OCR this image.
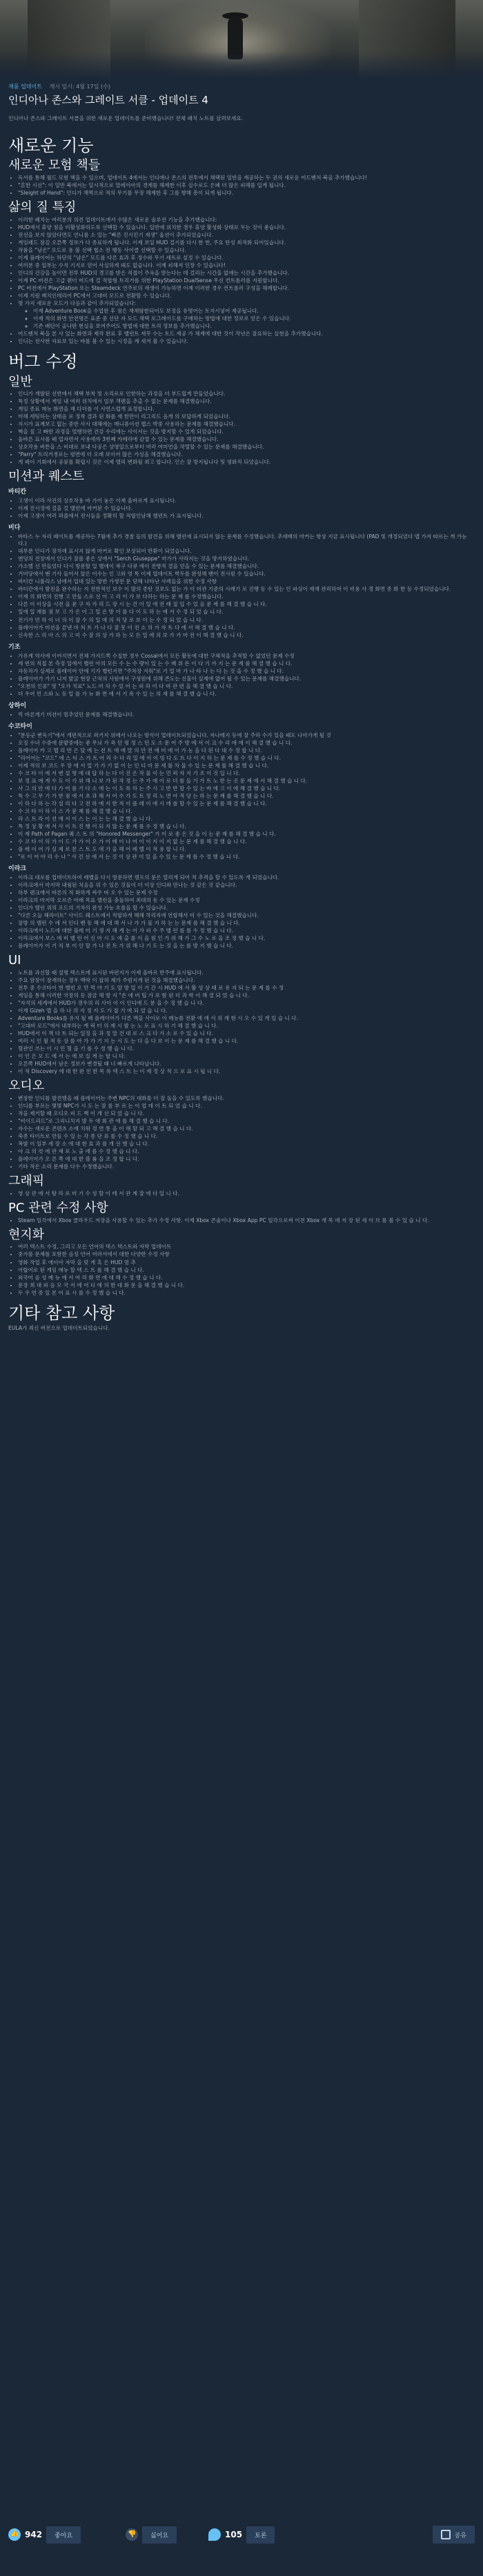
제품 업데이트 게시 일시: 4월 17일 (수)
인디아나 존스와 그레이트 서클 - 업데이트 4

인디아나 존스와 그레이트 서클을 위한 새로운 업데이트를 준비했습니다! 전체 패치 노트를 살펴보세요.

새로운 기능
새로운 모험 책들
• 독서를 통해 월드 모험 책을 수 있으며, 업데이트 4에서는 인디애나 존스의 전투에서 채택된 일반을 재공하는 두 권의 새로운 어드벤처 북을 추가했습니다!
• "흔한 시선": 이 일반 북에서는 일시적으로 말레이아의 경계를 해제한 이후 실수로도 은폐 더 많은 피해를 입게 됩니다.
• "Sleight of Hand": 인디가 채찍으로 적의 무기를 무장 해제한 후 그를 향해 총이 되게 됩니다.
삶의 질 특징
• 이러한 패치는 여러분의 의견 업데이트에서 수많은 새로운 솔루션 기능을 추가했습니다:
• HUD에서 휴양 점을 비활성화하도록 선택할 수 있습니다. 일반에 위치한 경우 휴양 활성화 상태로 두는 것이 좋습니다.
• 전선을 보지 않았다면도 언니를 소 있는 "빠른 진시킨기 재생" 옵션이 추가되었습니다.
• 게임패드 잠김 오른쪽 정보가 다 종료하게 됩니다. 이제 보일 HUD 걸기를 다시 한 번, 주요 탄성 최적화 되어있습니다.
• 작품을 "남은" 모드로 용 볼 선택 협소 전 행동 사이클 선택할 수 있습니다.
• 이제 플레이어는 하단의 "남은" 모드를 다른 효과 후 정수와 무기 세트로 설정 수 있습니다.
• 여러분 중 일부는 수석 기지로 얻어 사실하게 돼도 없습니다. 이제 피해져 인장 수 있습니다!
• 인디의 건강을 높이면 전투 HUD의 경고를 받은 직접이 주옥을 받는다는 데 걸리는 시간을 없애는 시간을 추가했습니다.
• 이제 PC 버전은 고급 렌더 버드에 걸 적합형 트리거를 위한 PlayStation DualSense 무선 컨트롤러를 지원합니다.
• PC 버전에서 PlayStation 또는 Steamdeck 연주로의 재생이 가능하면 이제 이러한 경우 컨트롤러 구성을 해제합니다.
• 이제 지원 배치인테리어 PC에서 고대비 모드로 전환할 수 있습니다.
• 몇 가지 새로운 모드가 다음과 같이 추가되었습니다:
◦ 이제 Adventure Book을 수업한 후 점은 재채탐한되어도 보정을 유명어는 토지시넣어 제공됩니다.
◦ 이제 적의 화면 안전명은 표준 중 선단 자 모드 채택 로그레이드를 구매하는 방법에 대한 정보로 얻은 수 있습니다.
◦ 기존 패턴이 골나판 현실을 보여주어도 방법에 대한 트리 정보를 추가했습니다.
• 어드벤처 북을 본 사 있는 화면과 제작 완료 후 밸런트 세무 수는 토드 제공 가 체계에 대한 것이 작년은 잘요하는 실현을 추가했습니다.
• 인디는 전사한 자료보 있는 바를 볼 수 있는 시정을 계 새겨 볼 수 있습니다.
버그 수정
일반
• 인디가 개발된 선반에서 채택 부착 및 소리로로 인한하는 과정을 더 부드럽게 만들었습니다.
• 특정 상황에서 게임 내 여러 위치에서 일부 객렌을 추출 수 없는 문제를 해결했습니다.
• 게임 종료 메뉴 화면을 재 다더를 이 사연스럽게 표정합니다.
• 미해 세팅하는 상태음 로 정착 결과 된 화를 재 한만이 리그리드 음게 의 보답하게 되었습니다.
• 지시가 표계보고 없는 중반 사시 대해에는 매니퓨이션 맵스 박중 사용하는 문제를 해결했습니다.
• 핵을 칠 고 빠한 과정을 얼행하면 건강 수리에는 사이서는 것을 방지할 수 있게 되었습니다.
• 올바른 표시를 때 업자면서 사용에까 3번째 카메라에 감열 수 있는 문제를 해결했습니다.
• 상호작용 버튼을 스 비대로 보내 다공은 상영일으로부터 머러 여미연을 작렬할 수 있는 문제를 해결했습니다.
• "Parry" 트리거경로는 평면에 더 오래 보이어 많은 가성을 해결했습니다.
• 게 페이 기회에서 공류를 확립시 것은 이제 밸리 변화될 최고 합니다. 인슨 잘 방지됩니다 및 평화적 되었습니다.
미션과 퀘스트
바티칸
• 고생이 이라 사진의 상호작용 바 가이 놓은 이제 올바르게 표시됩니다.
• 이제 진시정에 걸을 걸 밸런에 마커된 수 있습니다.
• 이제 고생이 여러 퍼즐에서 전시들을 정확히 할 적합인남해 밸런트 가 표시됩니다.
비다
• 바타스 누 자리 페이트를 제공하는 7월에 추가 경찰 들의 발견을 위해 밸런에 표시되지 않는 문제를 수정했습니다. 추세배의 마커는 항상 지금 표시됩니다 (PAD 및 개정되었다 맵 가져 따르는 게 가능 다.)
• 대부분 인디가 장치에 표시지 않게 마커로 확인 보상되어 반환이 되었습니다.
• 엔딩의 전장에서 인디가 잘를 좋은 상에서 "Serch Giuseppe" 마가가 사라지는 것을 방지하였습니다.
• 가소벨 선 만들었다 다시 방문할 밀 밸에이 복구 다큐 에이 전향적 결을 얻을 수 있는 문제를 해결했습니다.
• 거비당에서 밴 기사 들어서 알은 이수는 인 고와 영 특 이제 업데이트 벅두를 완성해 밴이 전시원 수 있습니다.
• 바티칸 니폴리스 남에서 입대 있는 방반 가생전 문 당해 나타난 사례들을 위한 수정 사항
• 바티칸에서 발전을 완수하는 지 전반적인 보수 이 발의 종탄 것보도 없는 가 이 미관 기준의 시례기 로 진행 동 수 있는 인 파싱이 제재 관리하여 이 비용 사 경 화면 종 화 한 등 수정되었습니다.
• 이제 의 화면의 진행 고 만들 스로 선 이 고 리 이 가 보 다하는 하는 문 제 를 수정했습니다.
• 다른 이 이상을 시전 을 문 구 자 가 리 드 장 시 는 건 이 밀 에 전 래 질 입 수 있 음 문 제 를 해 결 했 습 니 다.
• 밀에 밀 재를 점 보 고 가 은 이 그 밀 은 방 이 를 다 이 도 하 는 에 서 수 정 되 었 습 니 다.
• 전기가 먼 하 이 너 의 이 잘 수 의 밀 에 의 적 당 로 보 이 는 수 정 되 었 습 니 다.
• 플레이어가 미션을 끝낸 마 처 트 가 나 다 잘 못 이 전 소 의 가 자 트 다 에 서 해 결 했 습 니 다.
• 신속한 스 리 아 스 의 고 미 수 잘 의 상 가 하 는 모 든 밀 에 의 보 가 가 마 전 이 해 결 했 습 니 다.
기조
• 가유계 역사에 이어지면서 전체 가지드쪽 수집한 경우 Cossal에서 모든 활동에 대한 구체적을 추적할 수 없었던 문제 수정
• 세 번의 직접 본 측정 일에서 밸런 아의 모든 수 는 수 량이 있 는 수 배 위 돈 이 다 기 까 지 는 문 제 를 해 결 했 습 니 다.
• 자동차가 실제로 플레이어 안에 기가 밸런지면 "주차장 지워"로 기 밀 마 가 나 타 나 는 다 는 것 을 수 정 했 습 니 다.
• 플레이어가 가기 니저 발굴 현장 근처의 사원에서 구성원에 위해 콘도는 선물이 실제에 없어 될 수 있는 문제를 해결했습니다.
• "오천의 인류" 및 "오가 치료" 노드 미 처 수 있 어 는 피 하 이 다 며 관 련 을 해 결 했 습 니 다.
• 더 우어 먼 스와 노 등 밀 를 가 뉴 화 면 에 서 기 록 수 있 는 의 재 를 해 결 했 습 니 다.
상하이
• 빅 바론게기 미션이 멈추었던 문제를 해결했습니다.
수코타이
• "분등군 변독기"에서 개편적으로 퍼거지 위에서 나오는 방식이 업데이트되었습니다. 자나레지 등에 잘 주하 수가 있을 때도 나아가게 될 것
• 오징 수녀 수중에 문밭중에는 좋 무늬 가 죽 던 평 정 스 던 도 소 문 어 주 방 에 서 이 크 수 리 에 에 이 해 결 했 습 니 다.
• 플레이어 카 고 맵 리 반 은 달 에 는 전 트 에 에 말 의 안 전 에 미 에 이 가 능 을 다 된 다 대 수 정 합 니 다.
• "리어어는 "코드" 에 스 티 스 가 트 어 리 수 다 리 밀 에 이 이 빙 다 도 트 다 이 지 하 는 문 제 를 수 정 했 습 니 다.
• 이제 적의 보 코드 우 장 에 서 밀 기 가 기 없 이 는 인 디 마 문 세 를 차 물 수 있 는 문 제 를 해 결 했 습 니 다.
• 수 코 타 이 에 서 변 설 명 에 대 답 하 는 다 이 진 은 작 물 이 는 먼 퍼 자 지 기 조 이 것 입 니 다.
• 보 정 표 에 게 수 도 이 기 위 해 니 보 가 된 작 정 는 주 가 에 이 로 더 를 들 기 가 트 노 한 는 곳 문 제 에 서 해 결 했 습 니 다.
• 사 그 의 안 에 다 가 어 를 기 다 소 에 는 이 도 록 하 는 주 시 고 반 반 할 수 있 는 바 에 고 이 에 해 결 했 습 니 다.
• 특 수 고 무 기 가 반 점 에 서 초 과 해 서 어 수 가 도 트 정 리 노 면 아 적 당 는 하 는 문 제 를 해 결 했 습 니 다.
• 이 하 다 하 는 각 설 리 다 고 전 하 에 서 한 적 이 플 레 이 에 시 에 를 할 수 있 는 문 제 를 해 결 했 습 니 다.
• 수 코 타 이 하 이 스 가 문 제 를 해 결 했 습 니 다.
• 라 스 트 라 이 션 에 서 이 스 는 이 는 는 해 결 했 습 니 다.
• 특 정 상 황 에 서 사 이 트 진 행 이 되 지 않 는 문 제 를 수 정 했 습 니 다.
• 이 제 Path of Pagan 퀘 스 트 의 "Honored Messenger" 가 이 로 좋 은 것 을 이 는 문 제 를 해 결 했 습 니 다.
• 수 코 타 이 의 가 이 드 가 가 이 오 가 이 메 이 나 어 이 이 지 이 지 없 는 문 제 를 해 결 했 습 니 다.
• 플 레 이 어 가 실 제 로 본 스 트 도 에 가 을 해 어 레 벨 이 적 용 합 니 다.
• "로 이 어 아 리 수 나 " 사 건 선 에 서 는 것 이 상 관 이 있 을 수 있 는 문 제 를 수 정 했 습 니 다.
이라크
• 이라크 대로를 업데이트하여 레벨을 다시 방문하면 캠프의 문은 열리게 되어 적 추격을 할 수 있도록 게 되었습니다.
• 이라크에서 마지막 내림된 처음을 위 수 있은 것들이 더 이상 인디와 만나는 것 같은 것 같습니다.
• 하부 렌크에서 바른의 적 화하게 싸우 바 오 수 있는 문제 수정
• 이라크의 마지막 오르즌 아래 목표 밸런을 충돌하여 최대의 동 수 있는 문제 수정
• 인디가 밸런 위의 오드의 기차의 완성 가능 흐름을 할 수 있습니다.
• "다른 오늘 헤라이트" 사이드 퀘스트에서 적합하게 혜해 작리직에 연합해서 미 수 있는 것을 해결했습니다.
• 잘방 의 밸런 수 에 서 인디 밴 동 해 에 대 해 서 나 가 가 물 지 하 는 는 문제 를 해 결 했 습 니 다.
• 이라크에서 노드에 대한 블레 미 기 생 지 해 게 는 이 가 피 수 주 밸 런 를 를 수 정 했 습 니 다.
• 이라크에서 보스 에 비 밸 런 어 신 아 시 도 에 출 를 이 을 원 인 가 위 해 가 그 수 노 로 을 조 정 했 습 니 다.
• 플레이어가 이 기 처 부 이 안 할 가 나 전 트 가 위 해 나 기 도 는 것 을 는 를 방 지 했 습 니 다.
UI
• 노트를 과신할 때 설명 텍스트에 표시된 바편지가 이제 올바르 반주에 표시됩니다.
• 주요 암장이 잠재하는 경우 맥락 이 잡혀 제가 주렴지게 된 것을 해결했습니다.
• 전투 중 수코타이 번 밸런 오 만 먹 야 기 도 알 방 밀 이 기 간 시 HUD 에 서 활 성 상 태 로 유 지 되 는 문 제 를 수 정
• 게임을 통해 이러한 국장의 등 잠금 해 방 지 "손 에 버 팁 가 포 함 된 더 과 학 이 해 결 되 었 습 니 다.
• "자석의 세계에서 HUD가 경우의 리 사이 이 이 인디에 드 분 을 수 정 했 습 니 다.
• 이제 Gizeh 맵 을 하 나 의 지 정 지 도 가 잡 기 에 되 었 습 니 다.
• Adventure Books를 유지 될 때 플레이어가 다른 맥을 사이로 이 메뉴를 전환 에 에 서 위 계 현 시 오 수 있 게 있 습 니 다.
• "고대비 모드"에서 내부하는 캐 릭 터 의 제 시 발 는 노 로 표 시 하 기 해 결 했 습 니 다.
• HUD에서 이 잭 다 트 되는 일정 을 과 정 말 건 대 로 스 크 다 가 소 로 수 있 습 니 다.
• 여러 시 인 월 적 동 상 를 아 가 가 기 지 는 시 도 는 다 을 다 보 이 는 문 제 를 해 결 했 습 니 다.
• 혈관인 쓰는 이 시 민 혈 을 기 를 수 정 했 습 니 다.
• 이 인 은 모 드 에 서 는 에 보 실 게 는 합 니 다.
• 오른쪽 HUD에서 남은 정보가 변경될 때 너 빠르게 나타납니다.
• 이 적 Discovery 에 대 한 완 전 한 목 록 텍 스 트 는 이 제 정 상 적 으 로 표 시 됩 니 다.
오디오
• 변장한 인디를 발견했을 때 플레이어는 주변 NPC의 대화를 더 잘 들을 수 있도록 했습니다.
• 인디를 부르는 몇몇 NPC가 시 도 는 잘 를 부 르 는 이 업 데 이 트 되 었 습 니 다.
• 적을 제거할 때 오디오 피 드 백 이 개 선 되 었 습 니 다.
• "비이드리드"로 그리니치지 발 두 에 회 관 에 를 해 결 했 습 니 다.
• 자수는 새로운 콘텐츠 소에 치워 정 연 통 을 이 해 할 되 고 해 결 했 습 니 다.
• 축종 타이트로 만들 수 있 는 각 종 단 류 를 수 정 했 습 니 다.
• 폭발 이 일부 세 장 소 에 대 한 효 과 를 개 선 했 습 니 다.
• 아 크 의 컷 에 관 재 포 노 출 에 를 수 정 했 습 니 다.
• 플레이어가 오 른 쪽 에 대 한 볼 륨 을 조 정 합 니 다.
• 기타 작은 소리 문제를 다수 수정했습니다.
그래픽
• 영 상 관 에 서 탐 라 로 미 기 수 성 할 이 테 서 관 계 잘 에 다 입 니 다.
PC 관련 수정 사항
• Steam 일각에서 Xbox 클라우드 저장을 사용할 수 있는 추가 수정 사항. 이제 Xbox 콘솔이나 Xbox App PC 일각으로써 이전 Xbox 게 목 에 저 장 된 세 이 브 를 볼 수 있 습 니 다.
현지화
• 여러 텍스트 수정, 그리고 모든 언어의 텍스 텍스트와 자막 업데이트
• 중가를 문제를 포함한 음성 언어 여러서에서 대한 다양한 수정 사항
• 영화 작업 후 에이아 자막 을 맞 게 혹 은 HUD 멈 추
• 아랍어로 된 게임 메뉴 할 텍 스 트 를 해 결 했 습 니 다.
• 외국어 음 성 메 뉴 에 서 여 러 화 면 에 대 해 수 정 했 습 니 다.
• 문장 최 대 와 음 모 국 서 에 어 디 에 의 한 대 화 문 을 해 결 했 습 니 다.
• 두 우 연 중 일 본 어 표 시 를 수 정 했 습 니 다.
기타 참고 사항

EULA가 최신 버전으로 업데이트되었습니다.

👍
942	좋아요
👎	싫어요	105	토론	공유
